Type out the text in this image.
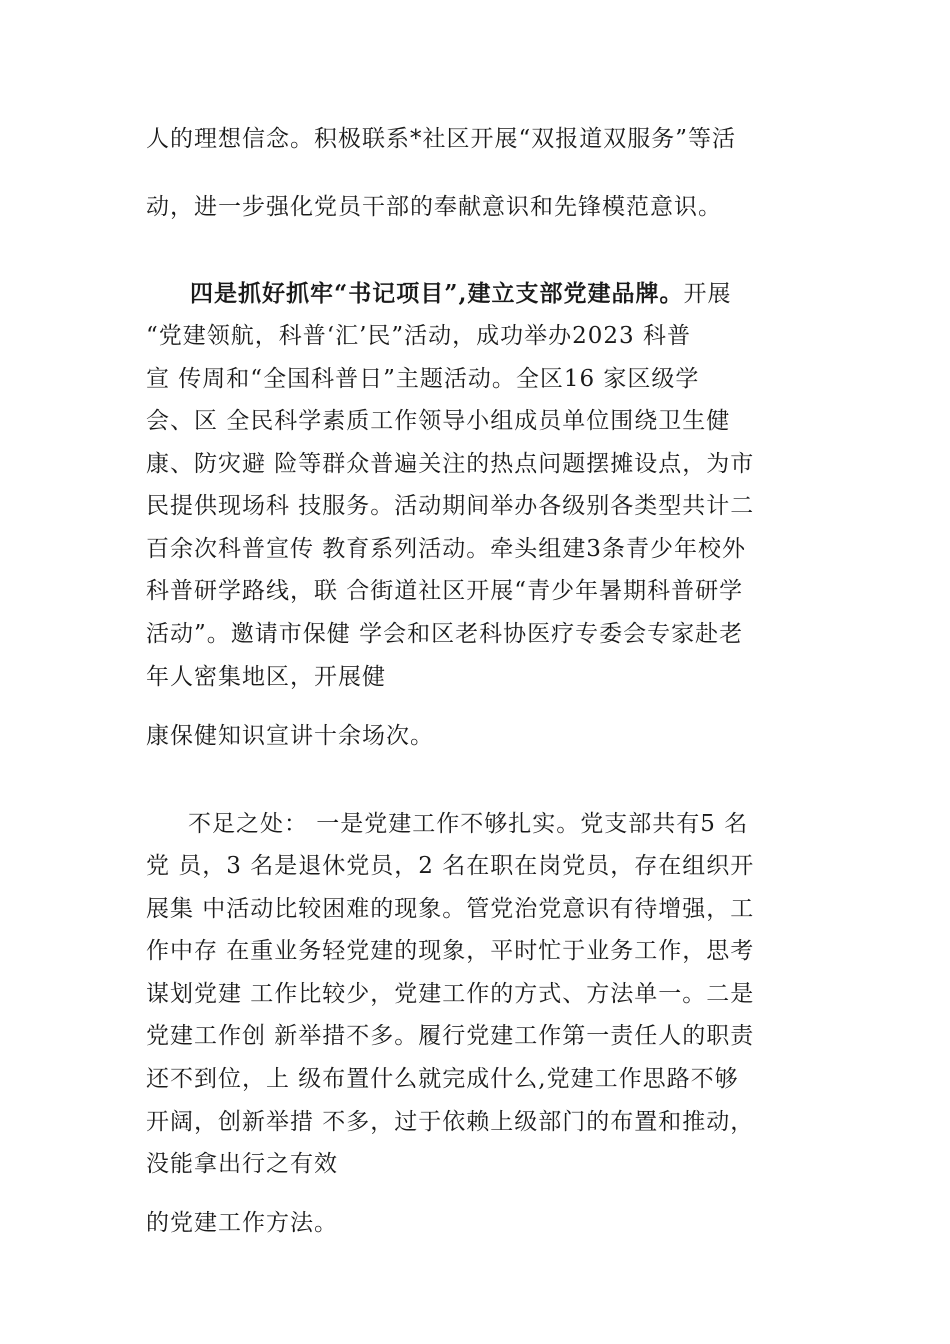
人的理想信念。积极联系*社区开展“双报道双服务”等活
动，进一步强化党员干部的奉献意识和先锋模范意识。
四是抓好抓牢“书记项目”,建立支部党建品牌。开展
“党建领航，科普‘汇’民”活动，成功举办2023 科普
宣 传周和“全国科普日”主题活动。全区16 家区级学
会、区 全民科学素质工作领导小组成员单位围绕卫生健
康、防灾避 险等群众普遍关注的热点问题摆摊设点，为市
民提供现场科 技服务。活动期间举办各级别各类型共计二
百余次科普宣传 教育系列活动。牵头组建3条青少年校外
科普研学路线，联 合街道社区开展“青少年暑期科普研学
活动”。邀请市保健 学会和区老科协医疗专委会专家赴老
年人密集地区，开展健
康保健知识宣讲十余场次。
不足之处： 一是党建工作不够扎实。党支部共有5 名
党 员，3 名是退休党员，2 名在职在岗党员，存在组织开
展集 中活动比较困难的现象。管党治党意识有待增强，工
作中存 在重业务轻党建的现象，平时忙于业务工作，思考
谋划党建 工作比较少，党建工作的方式、方法单一。二是
党建工作创 新举措不多。履行党建工作第一责任人的职责
还不到位，上 级布置什么就完成什么,党建工作思路不够
开阔，创新举措 不多，过于依赖上级部门的布置和推动，
没能拿出行之有效
的党建工作方法。
